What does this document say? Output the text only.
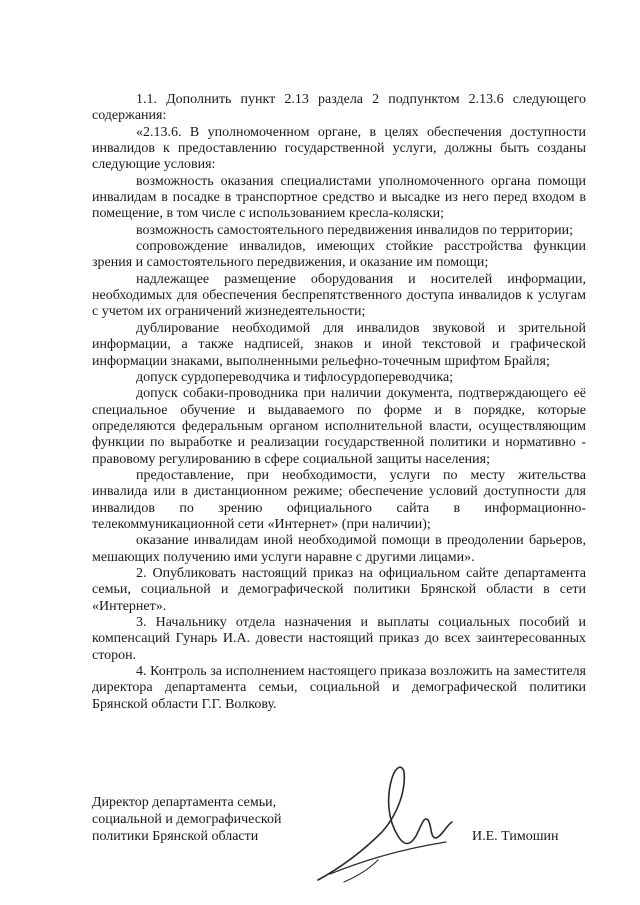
1.1. Дополнить пункт 2.13 раздела 2 подпунктом 2.13.6 следующего содержания:

«2.13.6. В уполномоченном органе, в целях обеспечения доступности инвалидов к предоставлению государственной услуги, должны быть созданы следующие условия:

возможность оказания специалистами уполномоченного органа помощи инвалидам в посадке в транспортное средство и высадке из него перед входом в помещение, в том числе с использованием кресла-коляски;

возможность самостоятельного передвижения инвалидов по территории;

сопровождение инвалидов, имеющих стойкие расстройства функции зрения и самостоятельного передвижения, и оказание им помощи;

надлежащее размещение оборудования и носителей информации, необходимых для обеспечения беспрепятственного доступа инвалидов к услугам с учетом их ограничений жизнедеятельности;

дублирование необходимой для инвалидов звуковой и зрительной информации, а также надписей, знаков и иной текстовой и графической информации знаками, выполненными рельефно-точечным шрифтом Брайля;

допуск сурдопереводчика и тифлосурдопереводчика;

допуск собаки-проводника при наличии документа, подтверждающего её специальное обучение и выдаваемого по форме и в порядке, которые определяются федеральным органом исполнительной власти, осуществляющим функции по выработке и реализации государственной политики и нормативно - правовому регулированию в сфере социальной защиты населения;

предоставление, при необходимости, услуги по месту жительства инвалида или в дистанционном режиме; обеспечение условий доступности для инвалидов по зрению официального сайта в информационно-телекоммуникационной сети «Интернет» (при наличии);

оказание инвалидам иной необходимой помощи в преодолении барьеров, мешающих получению ими услуги наравне с другими лицами».

2. Опубликовать настоящий приказ на официальном сайте департамента семьи, социальной и демографической политики Брянской области в сети «Интернет».

3. Начальнику отдела назначения и выплаты социальных пособий и компенсаций Гунарь И.А. довести настоящий приказ до всех заинтересованных сторон.

4. Контроль за исполнением настоящего приказа возложить на заместителя директора департамента семьи, социальной и демографической политики Брянской области Г.Г. Волкову.

Директор департамента семьи,
социальной и демографической
политики Брянской области	И.Е. Тимошин
